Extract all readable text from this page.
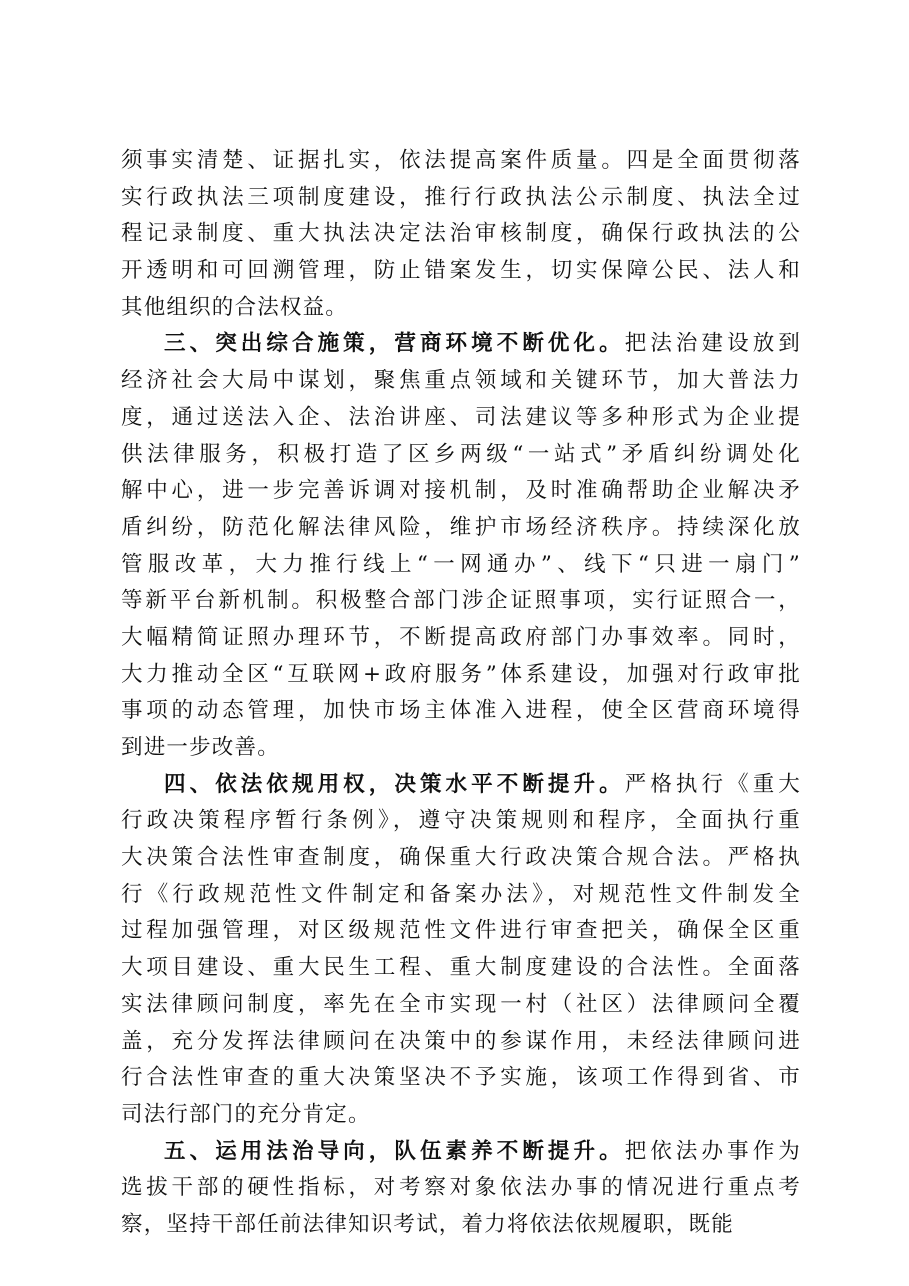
须事实清楚、证据扎实，依法提高案件质量。四是全面贯彻落
实行政执法三项制度建设，推行行政执法公示制度、执法全过
程记录制度、重大执法决定法治审核制度，确保行政执法的公
开透明和可回溯管理，防止错案发生，切实保障公民、法人和
其他组织的合法权益。
三、突出综合施策，营商环境不断优化。把法治建设放到
经济社会大局中谋划，聚焦重点领域和关键环节，加大普法力
度，通过送法入企、法治讲座、司法建议等多种形式为企业提
供法律服务，积极打造了区乡两级“一站式”矛盾纠纷调处化
解中心，进一步完善诉调对接机制，及时准确帮助企业解决矛
盾纠纷，防范化解法律风险，维护市场经济秩序。持续深化放
管服改革，大力推行线上“一网通办”、线下“只进一扇门”
等新平台新机制。积极整合部门涉企证照事项，实行证照合一，
大幅精简证照办理环节，不断提高政府部门办事效率。同时，
大力推动全区“互联网+政府服务”体系建设，加强对行政审批
事项的动态管理，加快市场主体准入进程，使全区营商环境得
到进一步改善。
四、依法依规用权，决策水平不断提升。严格执行《重大
行政决策程序暂行条例》，遵守决策规则和程序，全面执行重
大决策合法性审查制度，确保重大行政决策合规合法。严格执
行《行政规范性文件制定和备案办法》，对规范性文件制发全
过程加强管理，对区级规范性文件进行审查把关，确保全区重
大项目建设、重大民生工程、重大制度建设的合法性。全面落
实法律顾问制度，率先在全市实现一村（社区）法律顾问全覆
盖，充分发挥法律顾问在决策中的参谋作用，未经法律顾问进
行合法性审查的重大决策坚决不予实施，该项工作得到省、市
司法行部门的充分肯定。
五、运用法治导向，队伍素养不断提升。把依法办事作为
选拔干部的硬性指标，对考察对象依法办事的情况进行重点考
察，坚持干部任前法律知识考试，着力将依法依规履职，既能
